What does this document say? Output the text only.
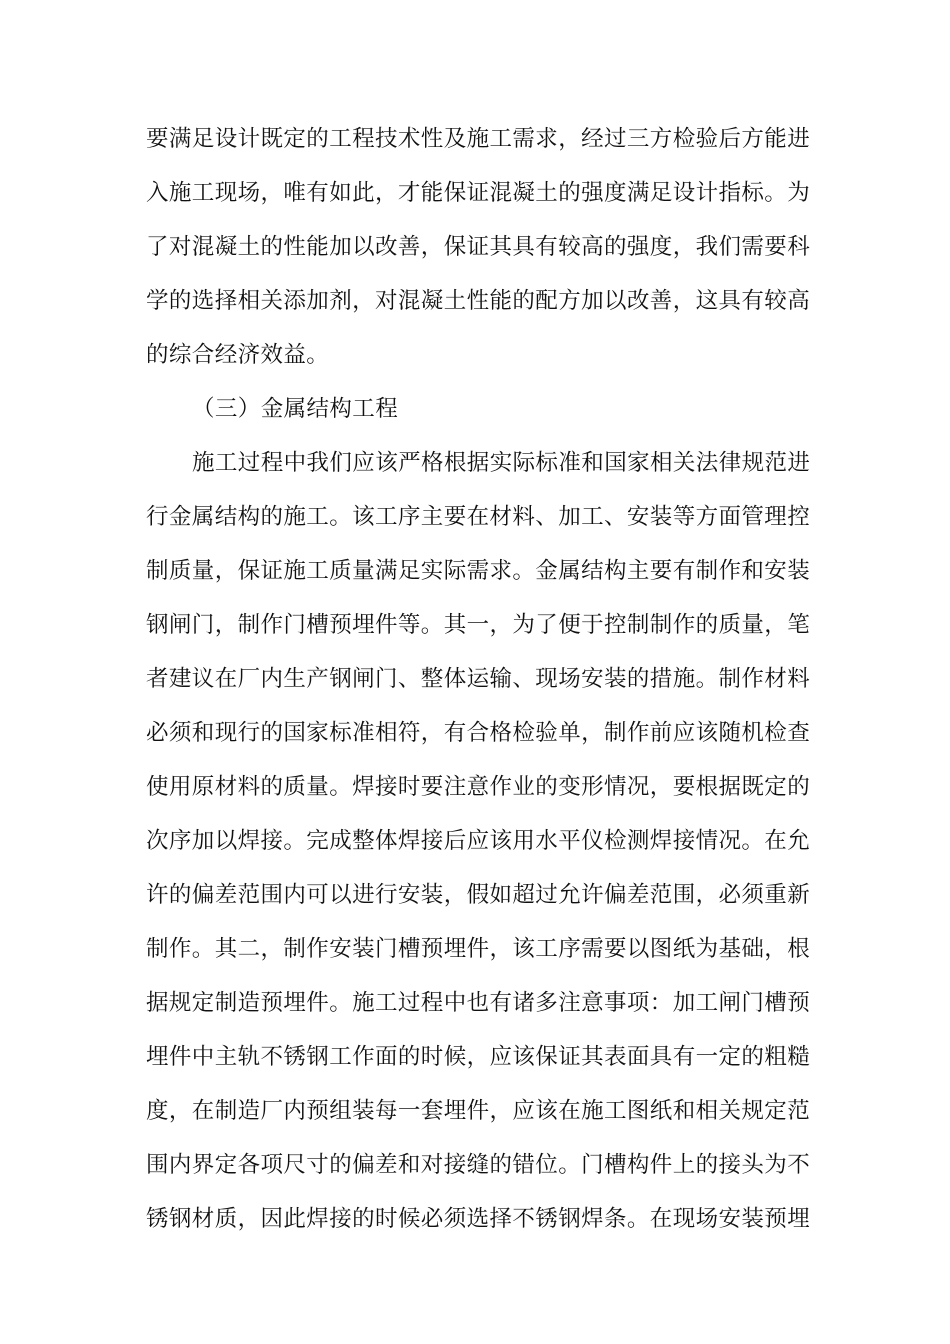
要满足设计既定的工程技术性及施工需求，经过三方检验后方能进
入施工现场，唯有如此，才能保证混凝土的强度满足设计指标。为
了对混凝土的性能加以改善，保证其具有较高的强度，我们需要科
学的选择相关添加剂，对混凝土性能的配方加以改善，这具有较高
的综合经济效益。
（三）金属结构工程
施工过程中我们应该严格根据实际标准和国家相关法律规范进
行金属结构的施工。该工序主要在材料、加工、安装等方面管理控
制质量，保证施工质量满足实际需求。金属结构主要有制作和安装
钢闸门，制作门槽预埋件等。其一，为了便于控制制作的质量，笔
者建议在厂内生产钢闸门、整体运输、现场安装的措施。制作材料
必须和现行的国家标准相符，有合格检验单，制作前应该随机检查
使用原材料的质量。焊接时要注意作业的变形情况，要根据既定的
次序加以焊接。完成整体焊接后应该用水平仪检测焊接情况。在允
许的偏差范围内可以进行安装，假如超过允许偏差范围，必须重新
制作。其二，制作安装门槽预埋件，该工序需要以图纸为基础，根
据规定制造预埋件。施工过程中也有诸多注意事项：加工闸门槽预
埋件中主轨不锈钢工作面的时候，应该保证其表面具有一定的粗糙
度，在制造厂内预组装每一套埋件，应该在施工图纸和相关规定范
围内界定各项尺寸的偏差和对接缝的错位。门槽构件上的接头为不
锈钢材质，因此焊接的时候必须选择不锈钢焊条。在现场安装预埋
